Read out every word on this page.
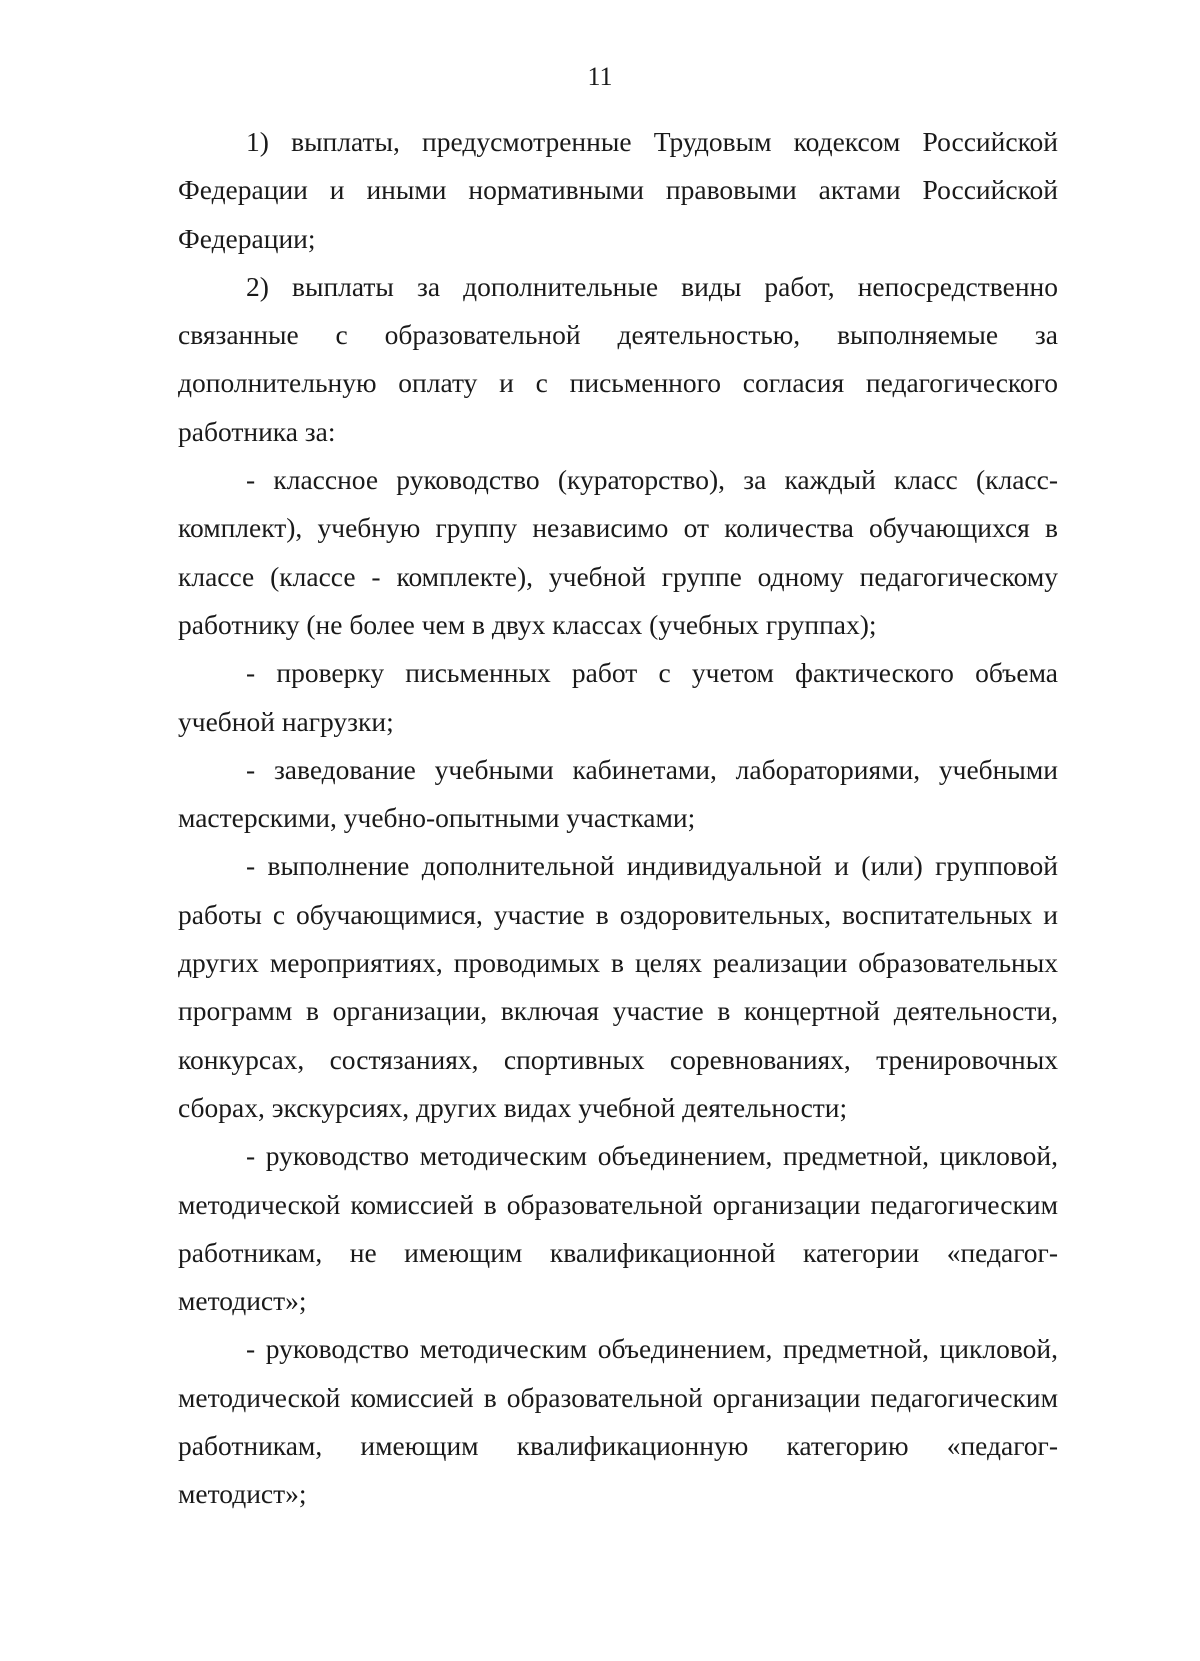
11

1) выплаты, предусмотренные Трудовым кодексом Российской Федерации и иными нормативными правовыми актами Российской Федерации;

2) выплаты за дополнительные виды работ, непосредственно связанные с образовательной деятельностью, выполняемые за дополнительную оплату и с письменного согласия педагогического работника за:

- классное руководство (кураторство), за каждый класс (класс-комплект), учебную группу независимо от количества обучающихся в классе (классе - комплекте), учебной группе одному педагогическому работнику (не более чем в двух классах (учебных группах);

- проверку письменных работ с учетом фактического объема учебной нагрузки;

- заведование учебными кабинетами, лабораториями, учебными мастерскими, учебно-опытными участками;

- выполнение дополнительной индивидуальной и (или) групповой работы с обучающимися, участие в оздоровительных, воспитательных и других мероприятиях, проводимых в целях реализации образовательных программ в организации, включая участие в концертной деятельности, конкурсах, состязаниях, спортивных соревнованиях, тренировочных сборах, экскурсиях, других видах учебной деятельности;

- руководство методическим объединением, предметной, цикловой, методической комиссией в образовательной организации педагогическим работникам, не имеющим квалификационной категории «педагог-методист»;

- руководство методическим объединением, предметной, цикловой, методической комиссией в образовательной организации педагогическим работникам, имеющим квалификационную категорию «педагог-методист»;
